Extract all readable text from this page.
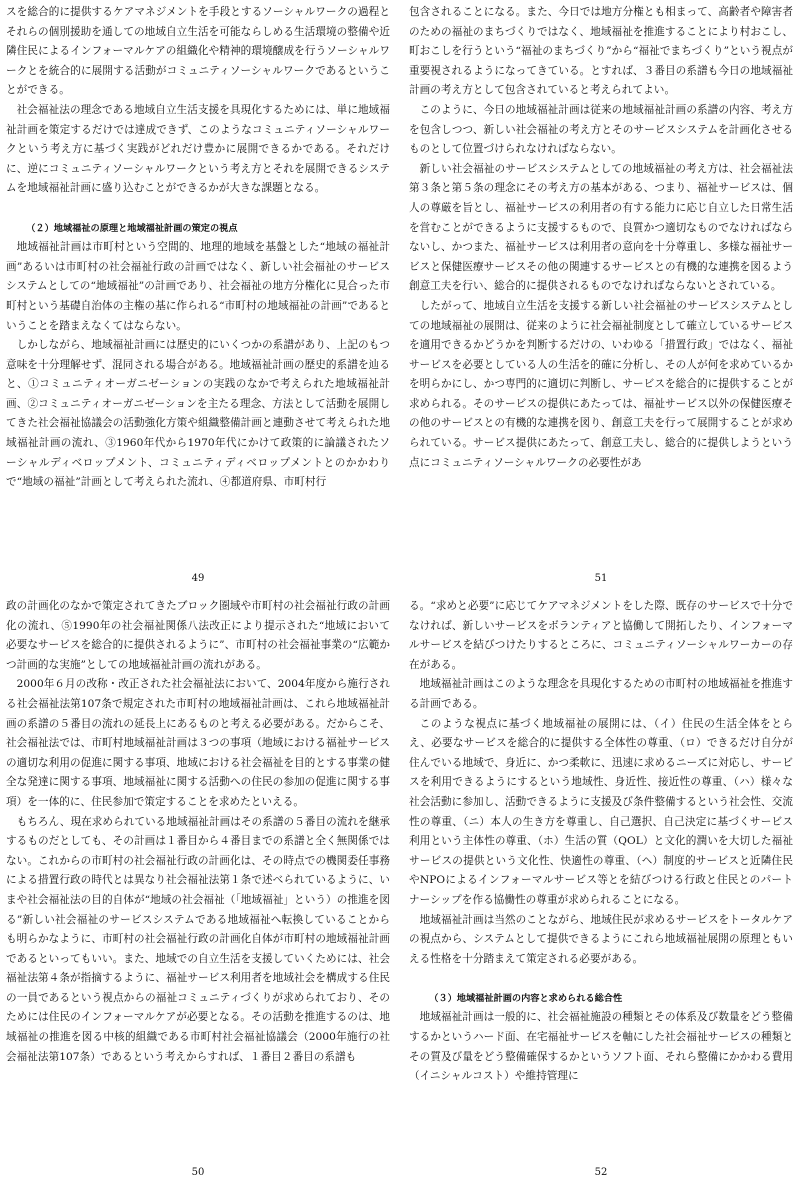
スを総合的に提供するケアマネジメントを手段とするソーシャルワークの過程とそれらの個別援助を通しての地域自立生活を可能ならしめる生活環境の整備や近隣住民によるインフォーマルケアの組織化や精神的環境醸成を行うソーシャルワークとを統合的に展開する活動がコミュニティソーシャルワークであるということができる。

社会福祉法の理念である地域自立生活支援を具現化するためには、単に地域福祉計画を策定するだけでは達成できず、このようなコミュニティソーシャルワークという考え方に基づく実践がどれだけ豊かに展開できるかである。それだけに、逆にコミュニティソーシャルワークという考え方とそれを展開できるシステムを地域福祉計画に盛り込むことができるかが大きな課題となる。

（２）地域福祉の原理と地域福祉計画の策定の視点

地域福祉計画は市町村という空間的、地理的地域を基盤とした“地域の福祉計画”あるいは市町村の社会福祉行政の計画ではなく、新しい社会福祉のサービスシステムとしての“地域福祉”の計画であり、社会福祉の地方分権化に見合った市町村という基礎自治体の主権の基に作られる“市町村の地域福祉の計画”であるということを踏まえなくてはならない。

しかしながら、地域福祉計画には歴史的にいくつかの系譜があり、上記のもつ意味を十分理解せず、混同される場合がある。地域福祉計画の歴史的系譜を辿ると、①コミュニティオーガニゼーションの実践のなかで考えられた地域福祉計画、②コミュニティオーガニゼーションを主たる理念、方法として活動を展開してきた社会福祉協議会の活動強化方策や組織整備計画と連動させて考えられた地域福祉計画の流れ、③1960年代から1970年代にかけて政策的に論議されたソーシャルディベロップメント、コミュニティディベロップメントとのかかわりで“地域の福祉”計画として考えられた流れ、④都道府県、市町村行

49

包含されることになる。また、今日では地方分権とも相まって、高齢者や障害者のための福祉のまちづくりではなく、地域福祉を推進することにより村おこし、町おこしを行うという“福祉のまちづくり”から“福祉でまちづくり”という視点が重要視されるようになってきている。とすれば、３番目の系譜も今日の地域福祉計画の考え方として包含されていると考えられてよい。

このように、今日の地域福祉計画は従来の地域福祉計画の系譜の内容、考え方を包含しつつ、新しい社会福祉の考え方とそのサービスシステムを計画化させるものとして位置づけられなければならない。

新しい社会福祉のサービスシステムとしての地域福祉の考え方は、社会福祉法第３条と第５条の理念にその考え方の基本がある、つまり、福祉サービスは、個人の尊厳を旨とし、福祉サービスの利用者の有する能力に応じ自立した日常生活を営むことができるように支援するもので、良質かつ適切なものでなければならないし、かつまた、福祉サービスは利用者の意向を十分尊重し、多様な福祉サービスと保健医療サービスその他の関連するサービスとの有機的な連携を図るよう創意工夫を行い、総合的に提供されるものでなければならないとされている。

したがって、地域自立生活を支援する新しい社会福祉のサービスシステムとしての地域福祉の展開は、従来のように社会福祉制度として確立しているサービスを適用できるかどうかを判断するだけの、いわゆる「措置行政」ではなく、福祉サービスを必要としている人の生活を的確に分析し、その人が何を求めているかを明らかにし、かつ専門的に適切に判断し、サービスを総合的に提供することが求められる。そのサービスの提供にあたっては、福祉サービス以外の保健医療その他のサービスとの有機的な連携を図り、創意工夫を行って展開することが求められている。サービス提供にあたって、創意工夫し、総合的に提供しようという点にコミュニティソーシャルワークの必要性があ

51

政の計画化のなかで策定されてきたブロック圏域や市町村の社会福祉行政の計画化の流れ、⑤1990年の社会福祉関係八法改正により提示された“地域において必要なサービスを総合的に提供されるように”、市町村の社会福祉事業の“広範かつ計画的な実施”としての地域福祉計画の流れがある。

2000年６月の改称・改正された社会福祉法において、2004年度から施行される社会福祉法第107条で規定された市町村の地域福祉計画は、これら地域福祉計画の系譜の５番目の流れの延長上にあるものと考える必要がある。だからこそ、社会福祉法では、市町村地域福祉計画は３つの事項（地域における福祉サービスの適切な利用の促進に関する事項、地域における社会福祉を目的とする事業の健全な発達に関する事項、地域福祉に関する活動への住民の参加の促進に関する事項）を一体的に、住民参加で策定することを求めたといえる。

もちろん、現在求められている地域福祉計画はその系譜の５番目の流れを継承するものだとしても、その計画は１番目から４番目までの系譜と全く無関係ではない。これからの市町村の社会福祉行政の計画化は、その時点での機関委任事務による措置行政の時代とは異なり社会福祉法第１条で述べられているように、いまや社会福祉法の目的自体が“地域の社会福祉（「地域福祉」という）の推進を図る”新しい社会福祉のサービスシステムである地域福祉へ転換していることからも明らかなように、市町村の社会福祉行政の計画化自体が市町村の地域福祉計画であるといってもいい。また、地域での自立生活を支援していくためには、社会福祉法第４条が指摘するように、福祉サービス利用者を地域社会を構成する住民の一員であるという視点からの福祉コミュニティづくりが求められており、そのためには住民のインフォーマルケアが必要となる。その活動を推進するのは、地域福祉の推進を図る中核的組織である市町村社会福祉協議会（2000年施行の社会福祉法第107条）であるという考えからすれば、１番目２番目の系譜も

50

る。“求めと必要”に応じてケアマネジメントをした際、既存のサービスで十分でなければ、新しいサービスをボランティアと協働して開拓したり、インフォーマルサービスを結びつけたりするところに、コミュニティソーシャルワーカーの存在がある。

地域福祉計画はこのような理念を具現化するための市町村の地域福祉を推進する計画である。

このような視点に基づく地域福祉の展開には、（イ）住民の生活全体をとらえ、必要なサービスを総合的に提供する全体性の尊重、（ロ）できるだけ自分が住んでいる地域で、身近に、かつ柔軟に、迅速に求めるニーズに対応し、サービスを利用できるようにするという地域性、身近性、接近性の尊重、（ハ）様々な社会活動に参加し、活動できるように支援及び条件整備するという社会性、交流性の尊重、（ニ）本人の生き方を尊重し、自己選択、自己決定に基づくサービス利用という主体性の尊重、（ホ）生活の質（QOL）と文化的潤いを大切した福祉サービスの提供という文化性、快適性の尊重、（ヘ）制度的サービスと近隣住民やNPOによるインフォーマルサービス等とを結びつける行政と住民とのパートナーシップを作る協働性の尊重が求められることになる。

地域福祉計画は当然のことながら、地域住民が求めるサービスをトータルケアの視点から、システムとして提供できるようにこれら地域福祉展開の原理ともいえる性格を十分踏まえて策定される必要がある。

（３）地域福祉計画の内容と求められる総合性

地域福祉計画は一般的に、社会福祉施設の種類とその体系及び数量をどう整備するかというハード面、在宅福祉サービスを軸にした社会福祉サービスの種類とその質及び量をどう整備確保するかというソフト面、それら整備にかかわる費用（イニシャルコスト）や維持管理に

52
